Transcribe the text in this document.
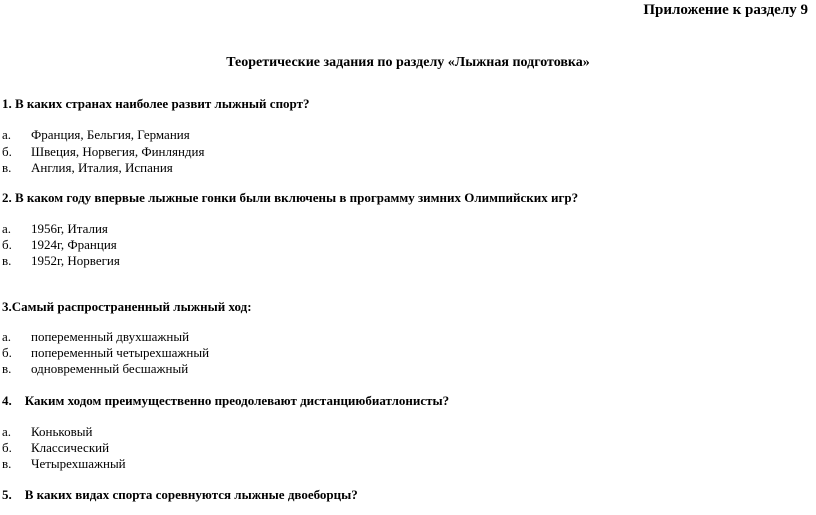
Приложение к разделу 9
Теоретические задания по разделу «Лыжная подготовка»
1. В каких странах наиболее развит лыжный спорт?
а. Франция, Бельгия, Германия
б. Швеция, Норвегия, Финляндия
в. Англия, Италия, Испания
2. В каком году впервые лыжные гонки были включены в программу зимних Олимпийских игр?
а. 1956г, Италия
б. 1924г, Франция
в. 1952г, Норвегия
3.Самый распространенный лыжный ход:
а. попеременный двухшажный
б. попеременный четырехшажный
в. одновременный бесшажный
4.    Каким ходом преимущественно преодолевают дистанциюбиатлонисты?
а. Коньковый
б. Классический
в. Четырехшажный
5.    В каких видах спорта соревнуются лыжные двоеборцы?
